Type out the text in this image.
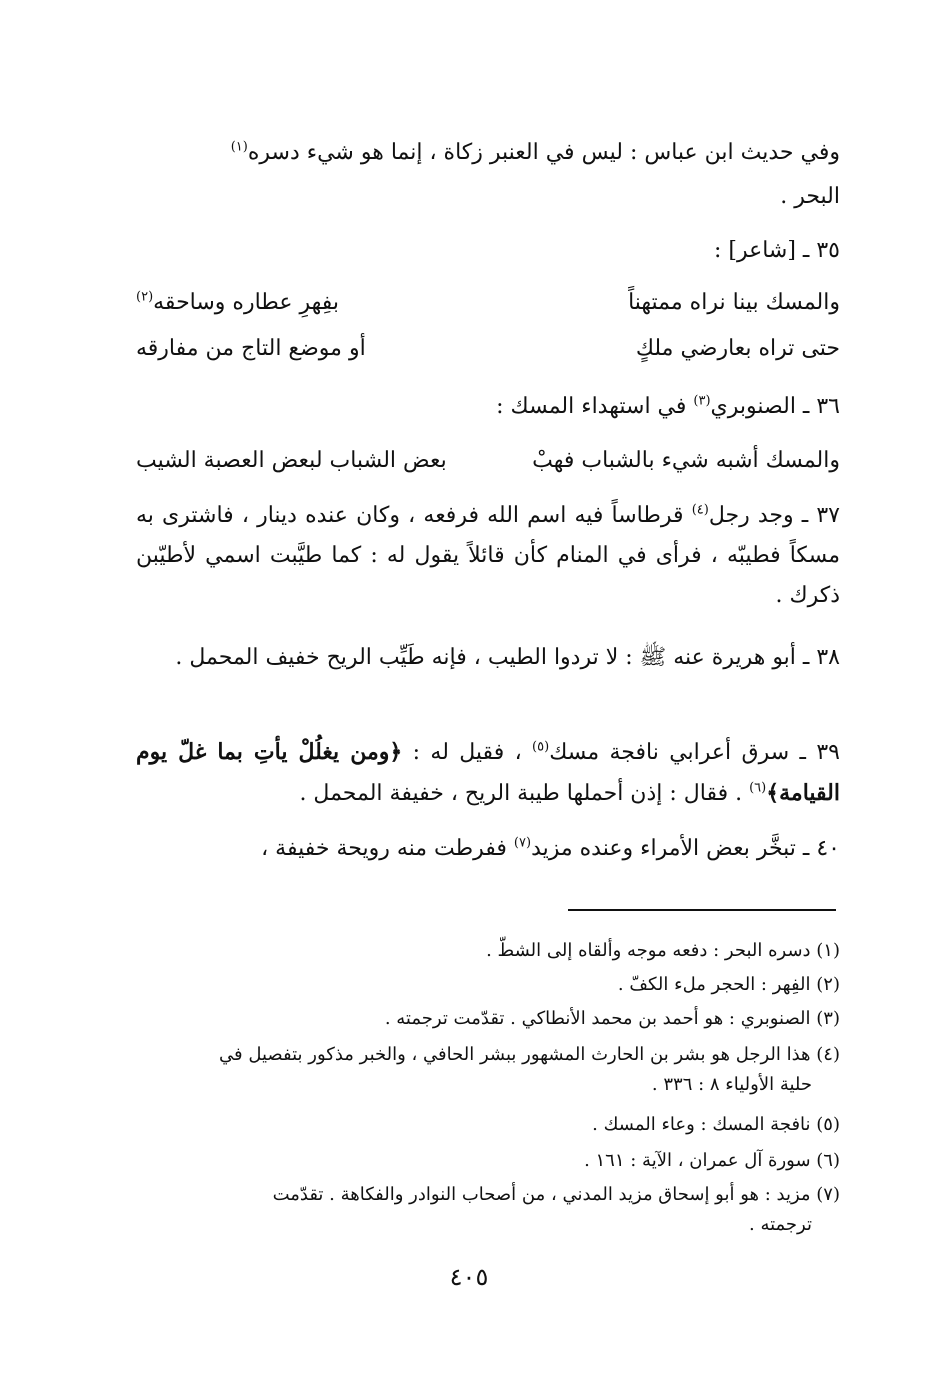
وفي حديث ابن عباس : ليس في العنبر زكاة ، إنما هو شيء دسره$^{(١)}$
البحر .
٣٥ ـ [شاعر] :
والمسك بينا نراه ممتهناً
بفِهرِ عطاره وساحقه$^{(٢)}$
حتى تراه بعارضي ملكٍ
أو موضع التاج من مفارقه
٣٦ ـ الصنوبري$^{(٣)}$ في استهداء المسك :
والمسك أشبه شيء بالشباب فهبْ
بعض الشباب لبعض العصبة الشيب
٣٧ ـ وجد رجل$^{(٤)}$ قرطاساً فيه اسم الله فرفعه ، وكان عنده دينار ، فاشترى به مسكاً فطيبّه ، فرأى في المنام كأن قائلاً يقول له : كما طيَّبت اسمي لأطيّبن ذكرك .
٣٨ ـ أبو هريرة عنه ﷺ : لا تردوا الطيب ، فإنه طَيِّب الريح خفيف المحمل .
٣٩ ـ سرق أعرابي نافجة مسك$^{(٥)}$ ، فقيل له : ﴿ومن يغلُلْ يأتِ بما غلّ يوم القيامة﴾$^{(٦)}$ . فقال : إذن أحملها طيبة الريح ، خفيفة المحمل .
٤٠ ـ تبخَّر بعض الأمراء وعنده مزيد$^{(٧)}$ ففرطت منه رويحة خفيفة ،
(١) دسره البحر : دفعه موجه وألقاه إلى الشطّ .
(٢) الفِهر : الحجر ملء الكفّ .
(٣) الصنوبري : هو أحمد بن محمد الأنطاكي . تقدّمت ترجمته .
(٤) هذا الرجل هو بشر بن الحارث المشهور ببشر الحافي ، والخبر مذكور بتفصيل في
حلية الأولياء ٨ : ٣٣٦ .
(٥) نافجة المسك : وعاء المسك .
(٦) سورة آل عمران ، الآية : ١٦١ .
(٧) مزيد : هو أبو إسحاق مزيد المدني ، من أصحاب النوادر والفكاهة . تقدّمت
ترجمته .
٤٠٥
